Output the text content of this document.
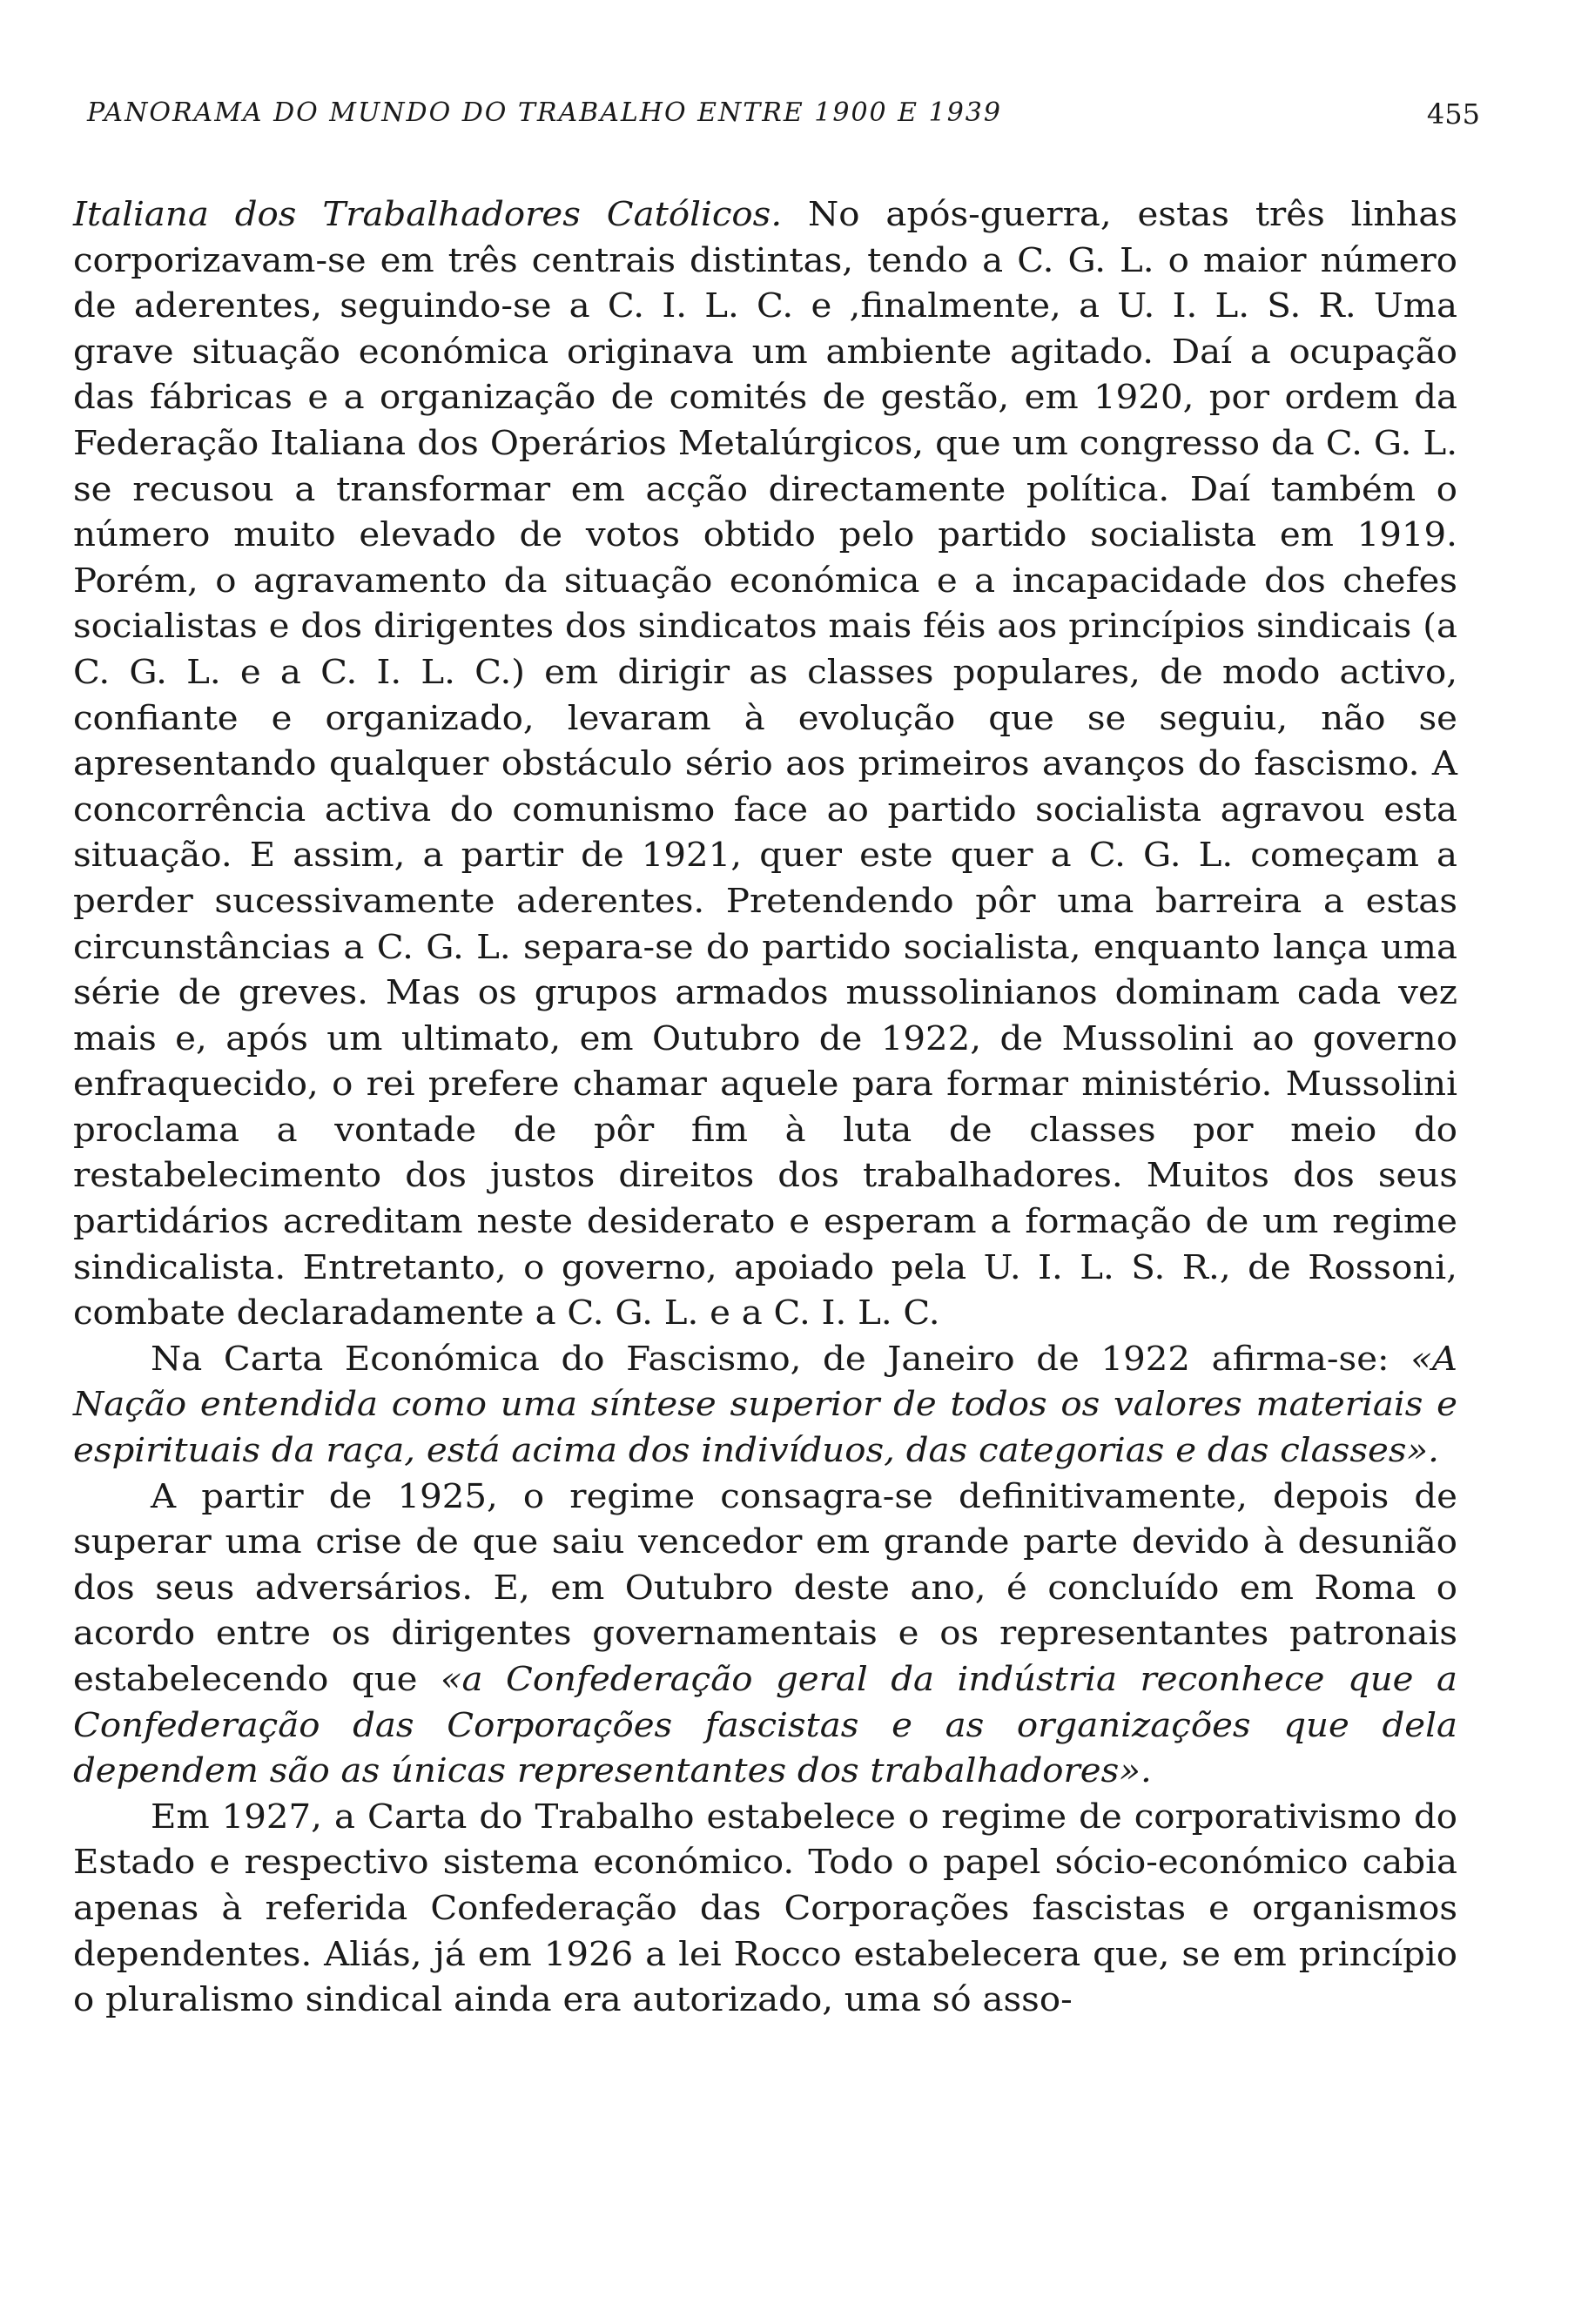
PANORAMA DO MUNDO DO TRABALHO ENTRE 1900 E 1939	455

Italiana dos Trabalhadores Católicos. No após-guerra, estas três linhas corporizavam-se em três centrais distintas, tendo a C. G. L. o maior número de aderentes, seguindo-se a C. I. L. C. e ,finalmente, a U. I. L. S. R. Uma grave situação económica originava um ambiente agitado. Daí a ocupação das fábricas e a organização de comités de gestão, em 1920, por ordem da Federação Italiana dos Operários Metalúrgicos, que um congresso da C. G. L. se recusou a transformar em acção directamente política. Daí também o número muito elevado de votos obtido pelo partido socialista em 1919. Porém, o agravamento da situação económica e a incapacidade dos chefes socialistas e dos dirigentes dos sindicatos mais féis aos princípios sindicais (a C. G. L. e a C. I. L. C.) em dirigir as classes populares, de modo activo, confiante e organizado, levaram à evolução que se seguiu, não se apresentando qualquer obstáculo sério aos primeiros avanços do fascismo. A concorrência activa do comunismo face ao partido socialista agravou esta situação. E assim, a partir de 1921, quer este quer a C. G. L. começam a perder sucessivamente aderentes. Pretendendo pôr uma barreira a estas circunstâncias a C. G. L. separa-se do partido socialista, enquanto lança uma série de greves. Mas os grupos armados mussolinianos dominam cada vez mais e, após um ultimato, em Outubro de 1922, de Mussolini ao governo enfraquecido, o rei prefere chamar aquele para formar ministério. Mussolini proclama a vontade de pôr fim à luta de classes por meio do restabelecimento dos justos direitos dos trabalhadores. Muitos dos seus partidários acreditam neste desiderato e esperam a formação de um regime sindicalista. Entretanto, o governo, apoiado pela U. I. L. S. R., de Rossoni, combate declaradamente a C. G. L. e a C. I. L. C.

Na Carta Económica do Fascismo, de Janeiro de 1922 afirma-se: «A Nação entendida como uma síntese superior de todos os valores materiais e espirituais da raça, está acima dos indivíduos, das categorias e das classes».

A partir de 1925, o regime consagra-se definitivamente, depois de superar uma crise de que saiu vencedor em grande parte devido à desunião dos seus adversários. E, em Outubro deste ano, é concluído em Roma o acordo entre os dirigentes governamentais e os representantes patronais estabelecendo que «a Confederação geral da indústria reconhece que a Confederação das Corporações fascistas e as organizações que dela dependem são as únicas representantes dos trabalhadores».

Em 1927, a Carta do Trabalho estabelece o regime de corporativismo do Estado e respectivo sistema económico. Todo o papel sócio-económico cabia apenas à referida Confederação das Corporações fascistas e organismos dependentes. Aliás, já em 1926 a lei Rocco estabelecera que, se em princípio o pluralismo sindical ainda era autorizado, uma só asso-
